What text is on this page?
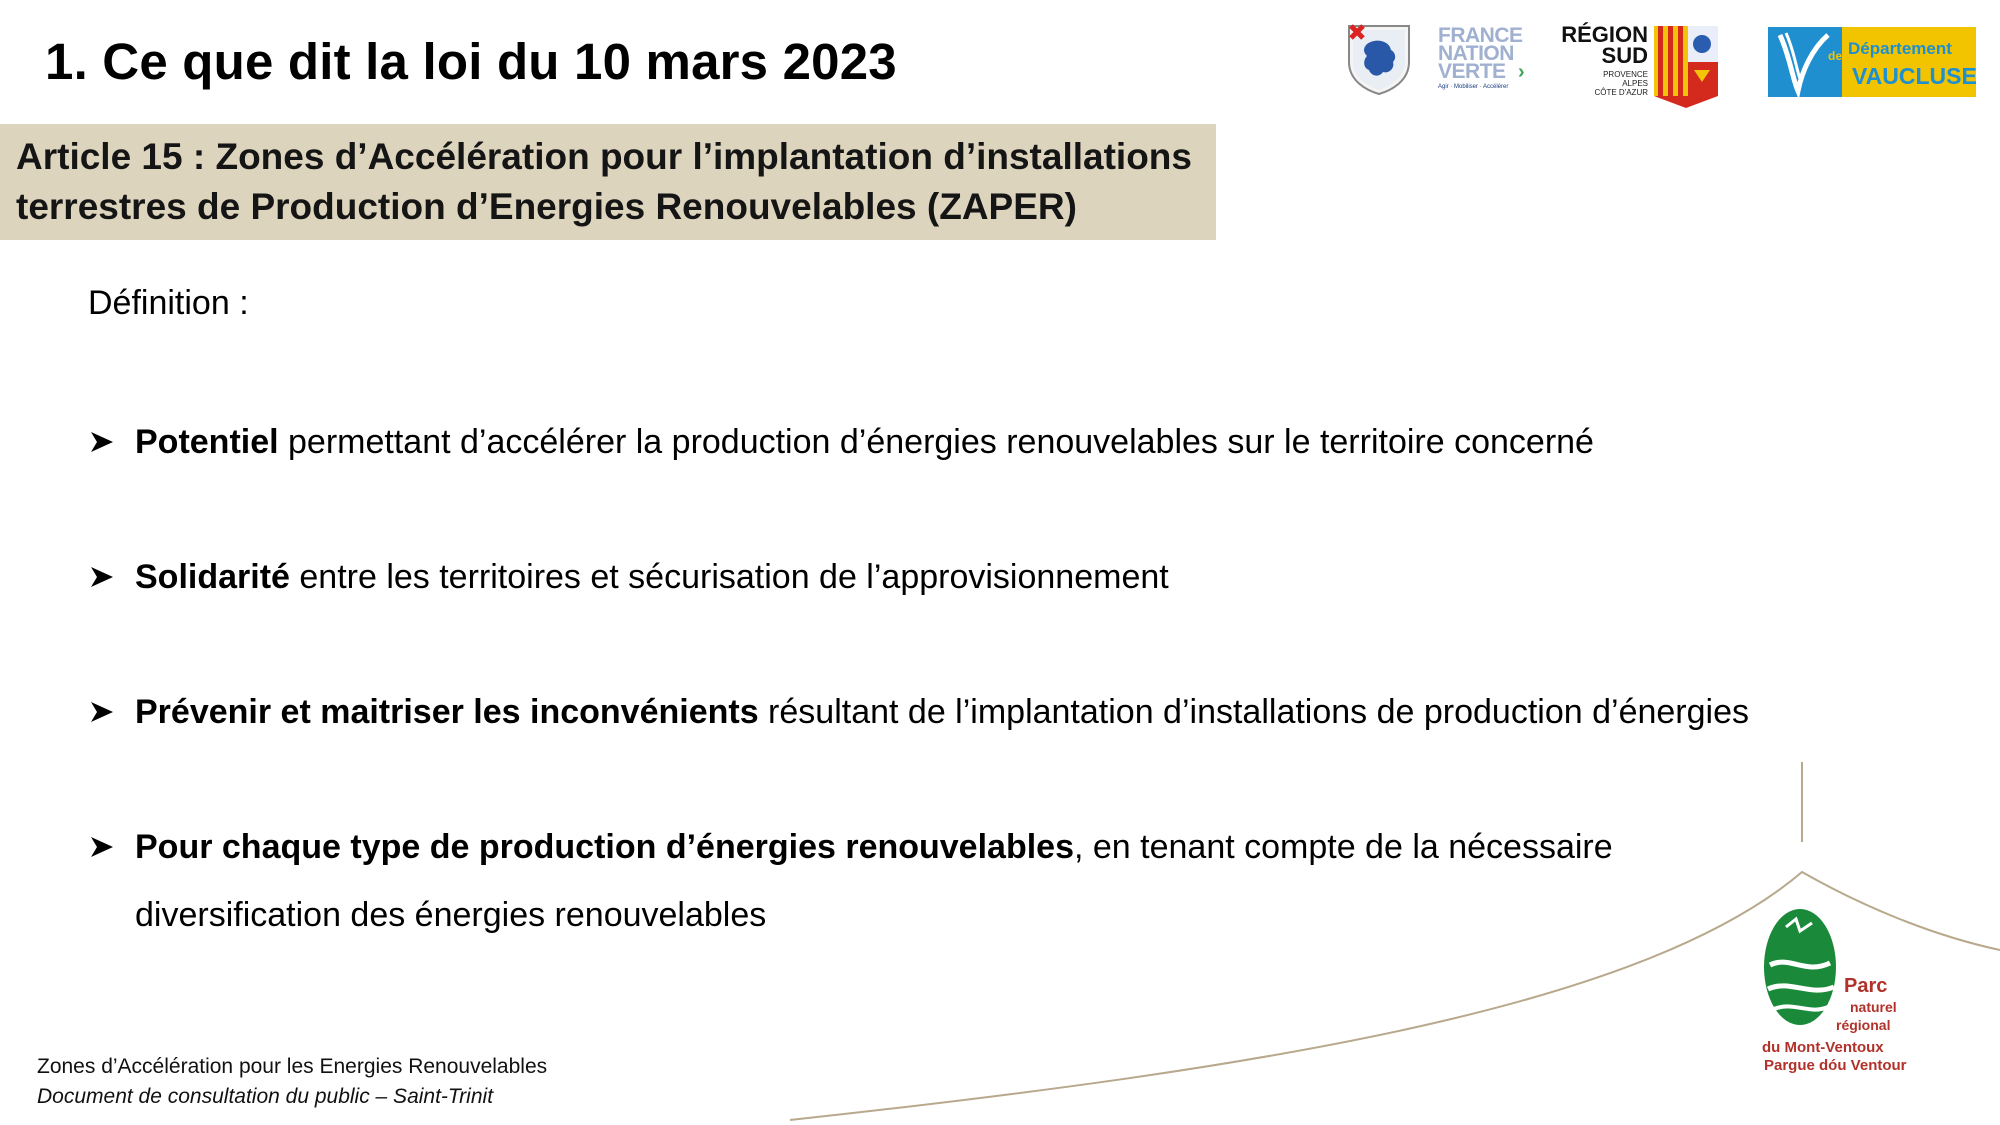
1. Ce que dit la loi du 10 mars 2023	FRANCE
NATION
VERTE ›
Agir · Mobiliser · Accélérer
RÉGION
SUD
PROVENCE
ALPES
CÔTE D'AZUR
de Département
VAUCLUSE
Article 15 : Zones d’Accélération pour l’implantation d’installations
terrestres de Production d’Energies Renouvelables (ZAPER)
Définition :
Potentiel permettant d’accélérer la production d’énergies renouvelables sur le territoire concerné
Solidarité entre les territoires et sécurisation de l’approvisionnement
Prévenir et maitriser les inconvénients résultant de l’implantation d’installations de production d’énergies
Pour chaque type de production d’énergies renouvelables, en tenant compte de la nécessaire
diversification des énergies renouvelables
Parc
naturel
régional
du Mont-Ventoux
Pargue dóu Ventour
Zones d’Accélération pour les Energies Renouvelables
Document de consultation du public – Saint-Trinit
